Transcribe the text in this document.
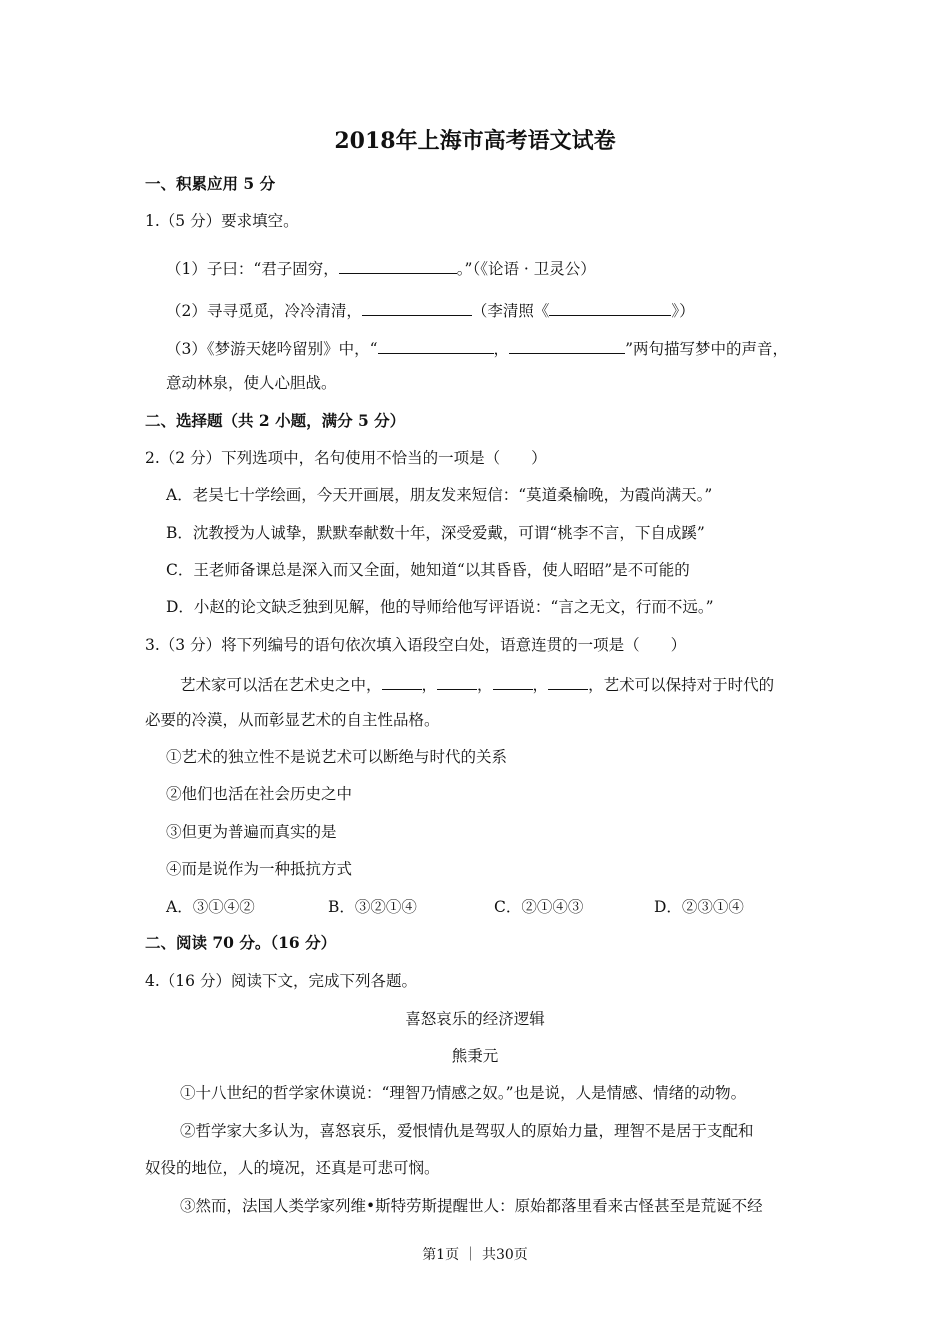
2018年上海市高考语文试卷
一、积累应用 5 分
1.（5 分）要求填空。
（1）子曰：“君子固穷，	。”（《论语 · 卫灵公）
（2）寻寻觅觅，冷冷清清，	（李清照《	》）
（3）《梦游天姥吟留别》中，“	，	”两句描写梦中的声音，
意动林泉，使人心胆战。
二、选择题（共 2 小题，满分 5 分）
2.（2 分）下列选项中，名句使用不恰当的一项是（　　）
A．老吴七十学绘画，今天开画展，朋友发来短信：“莫道桑榆晚，为霞尚满天。”
B．沈教授为人诚挚，默默奉献数十年，深受爱戴，可谓“桃李不言，下自成蹊”
C．王老师备课总是深入而又全面，她知道“以其昏昏，使人昭昭”是不可能的
D．小赵的论文缺乏独到见解，他的导师给他写评语说：“言之无文，行而不远。”
3.（3 分）将下列编号的语句依次填入语段空白处，语意连贯的一项是（　　）
艺术家可以活在艺术史之中，	，	，	，	，艺术可以保持对于时代的
必要的冷漠，从而彰显艺术的自主性品格。
①艺术的独立性不是说艺术可以断绝与时代的关系
②他们也活在社会历史之中
③但更为普遍而真实的是
④而是说作为一种抵抗方式
A．③①④②	B．③②①④	C．②①④③	D．②③①④
二、阅读 70 分。（16 分）
4.（16 分）阅读下文，完成下列各题。
喜怒哀乐的经济逻辑
熊秉元
①十八世纪的哲学家休谟说：“理智乃情感之奴。”也是说，人是情感、情绪的动物。
②哲学家大多认为，喜怒哀乐，爱恨情仇是驾驭人的原始力量，理智不是居于支配和
奴役的地位，人的境况，还真是可悲可悯。
③然而，法国人类学家列维•斯特劳斯提醒世人：原始都落里看来古怪甚至是荒诞不经
第1页 ｜ 共30页
